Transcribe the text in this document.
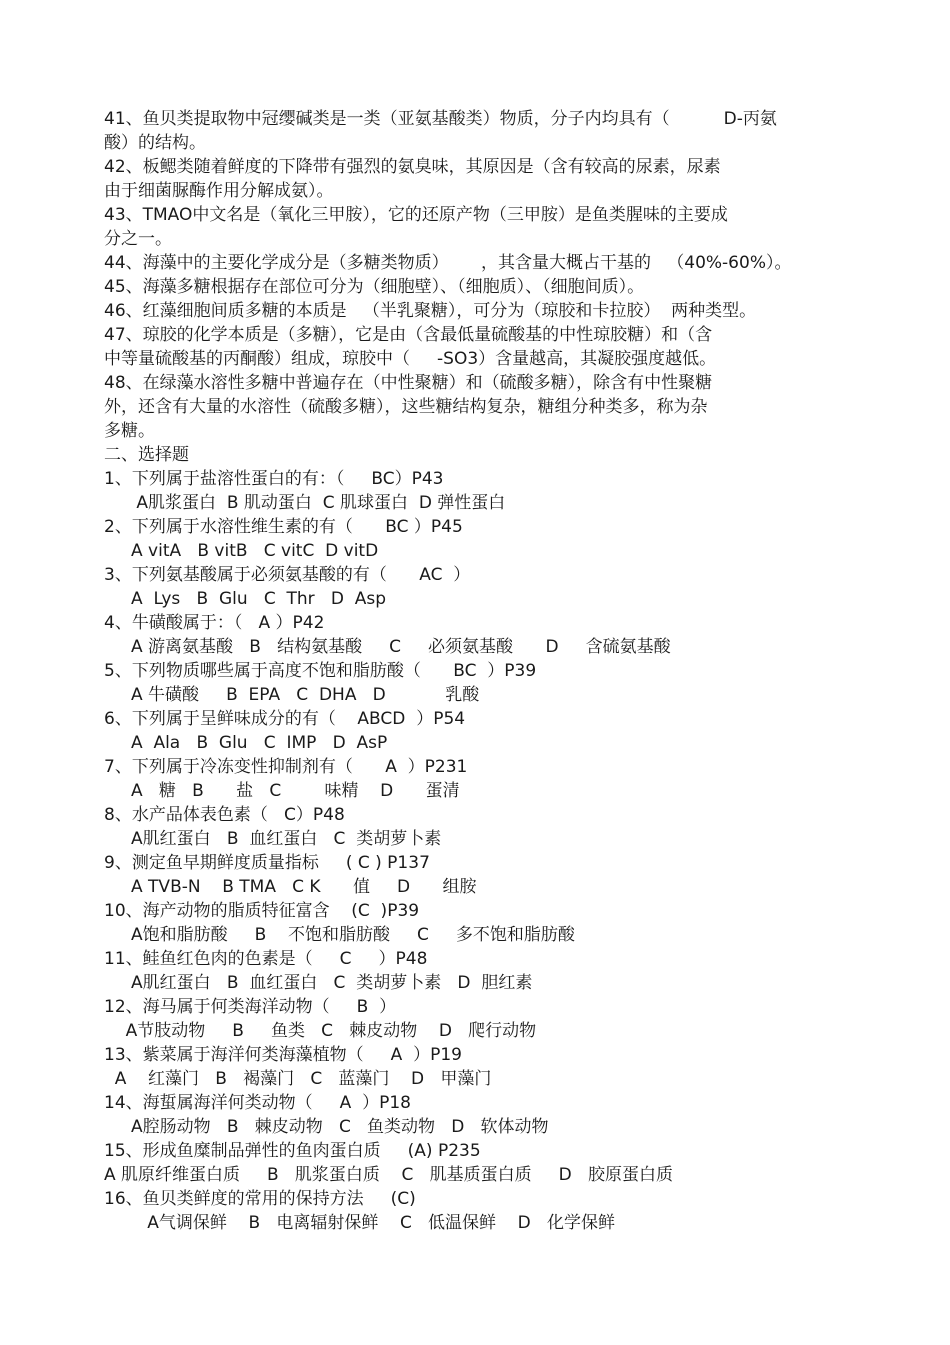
41、鱼贝类提取物中冠缨碱类是一类（亚氨基酸类）物质，分子内均具有（          D-丙氨
酸）的结构。
42、板鳃类随着鲜度的下降带有强烈的氨臭味，其原因是（含有较高的尿素，尿素
由于细菌脲酶作用分解成氨）。
43、TMAO中文名是（氧化三甲胺），它的还原产物（三甲胺）是鱼类腥味的主要成
分之一。
44、海藻中的主要化学成分是（多糖类物质）      ，其含量大概占干基的   （40%-60%）。
45、海藻多糖根据存在部位可分为（细胞壁）、（细胞质）、（细胞间质）。
46、红藻细胞间质多糖的本质是   （半乳聚糖），可分为（琼胶和卡拉胶）  两种类型。
47、琼胶的化学本质是（多糖），它是由（含最低量硫酸基的中性琼胶糖）和（含
中等量硫酸基的丙酮酸）组成，琼胶中（     -SO3）含量越高，其凝胶强度越低。
48、在绿藻水溶性多糖中普遍存在（中性聚糖）和（硫酸多糖），除含有中性聚糖
外，还含有大量的水溶性（硫酸多糖），这些糖结构复杂，糖组分种类多，称为杂
多糖。
二、选择题
1、下列属于盐溶性蛋白的有：（     BC）P43
A肌浆蛋白  B 肌动蛋白  C 肌球蛋白  D 弹性蛋白
2、下列属于水溶性维生素的有（      BC ）P45
A vitA   B vitB   C vitC  D vitD
3、下列氨基酸属于必须氨基酸的有（      AC  ）
A  Lys   B  Glu   C  Thr   D  Asp
4、牛磺酸属于：（   A ）P42
A 游离氨基酸   B   结构氨基酸     C     必须氨基酸      D     含硫氨基酸
5、下列物质哪些属于高度不饱和脂肪酸（      BC  ）P39
A 牛磺酸     B  EPA   C  DHA   D           乳酸
6、下列属于呈鲜味成分的有（    ABCD  ）P54
A  Ala   B  Glu   C  IMP   D  AsP
7、下列属于冷冻变性抑制剂有（      A  ）P231
A   糖   B      盐   C        味精    D      蛋清
8、水产品体表色素（   C）P48
A肌红蛋白   B  血红蛋白   C  类胡萝卜素
9、测定鱼早期鲜度质量指标     ( C ) P137
A TVB-N    B TMA   C K      值     D      组胺
10、海产动物的脂质特征富含    (C  )P39
A饱和脂肪酸     B    不饱和脂肪酸     C     多不饱和脂肪酸
11、鲑鱼红色肉的色素是（     C     ）P48
A肌红蛋白   B  血红蛋白   C  类胡萝卜素   D  胆红素
12、海马属于何类海洋动物（     B  ）
A节肢动物     B     鱼类   C   棘皮动物    D   爬行动物
13、紫菜属于海洋何类海藻植物（     A  ）P19
A    红藻门   B   褐藻门   C   蓝藻门    D   甲藻门
14、海蜇属海洋何类动物（     A  ）P18
A腔肠动物   B   棘皮动物   C   鱼类动物   D   软体动物
15、形成鱼糜制品弹性的鱼肉蛋白质     (A) P235
A 肌原纤维蛋白质     B   肌浆蛋白质    C   肌基质蛋白质     D   胶原蛋白质
16、鱼贝类鲜度的常用的保持方法     (C)
A气调保鲜    B   电离辐射保鲜    C   低温保鲜    D   化学保鲜
